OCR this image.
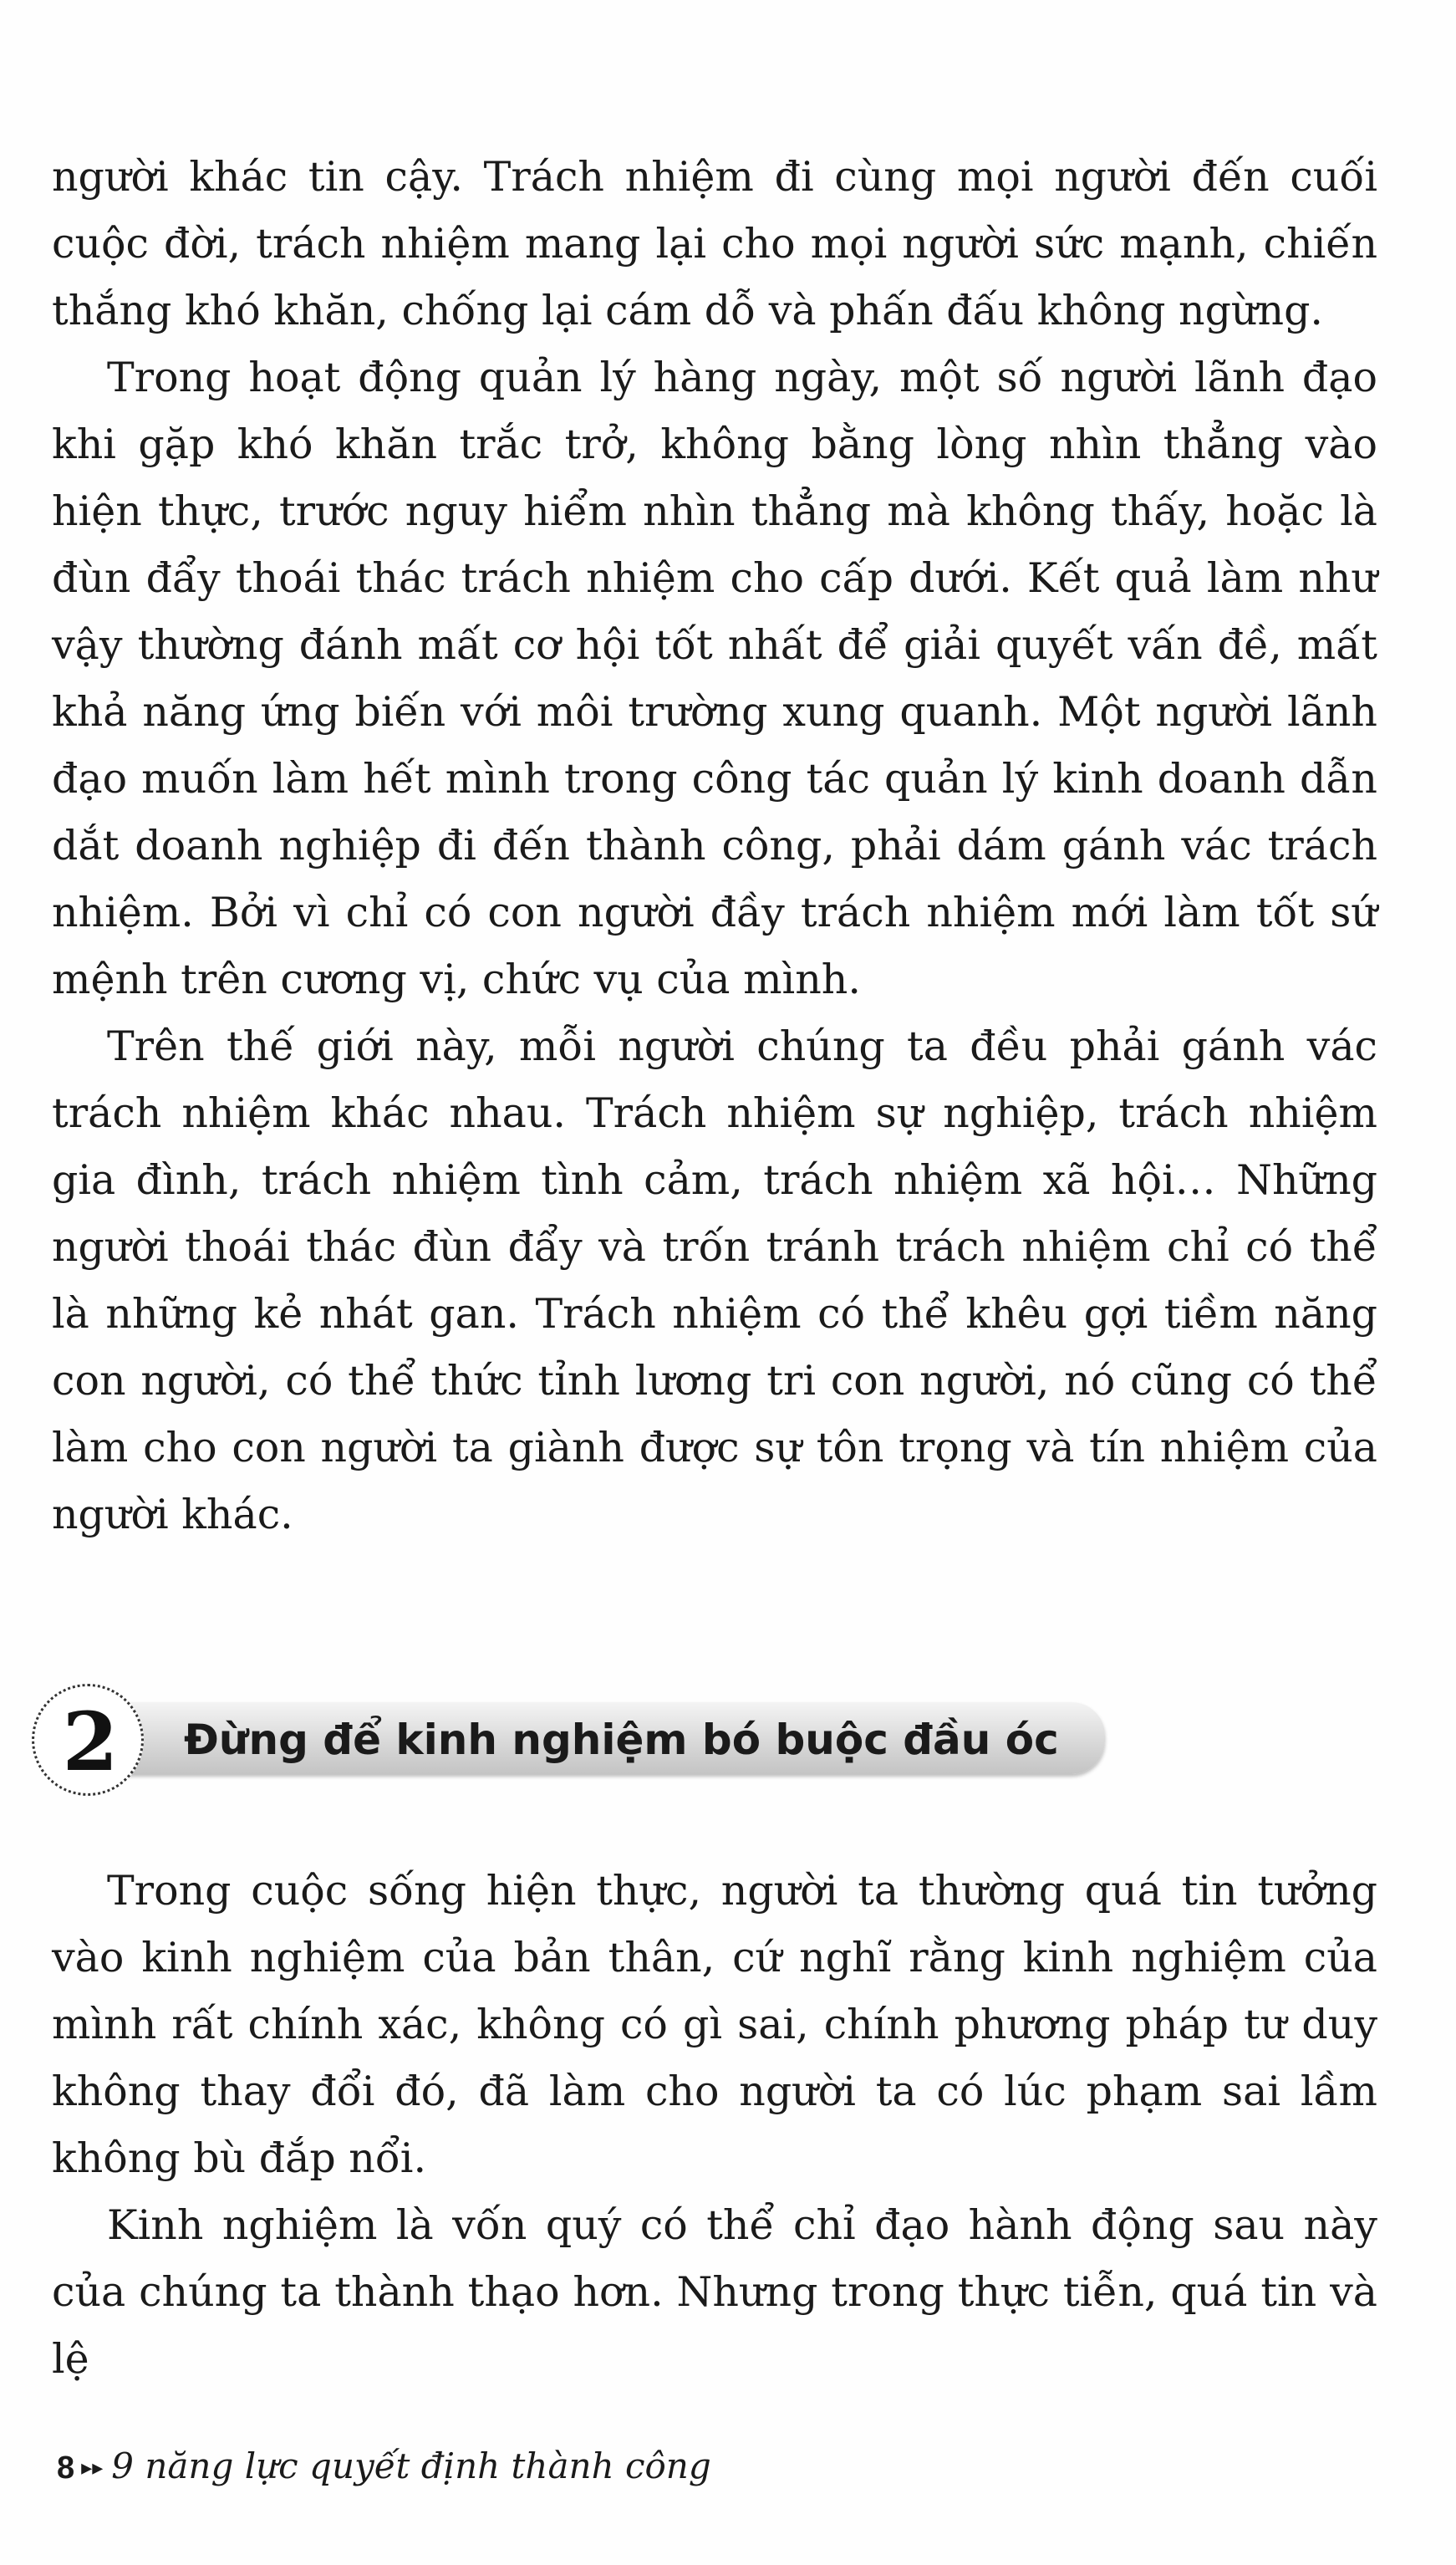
người khác tin cậy. Trách nhiệm đi cùng mọi người đến cuối cuộc đời, trách nhiệm mang lại cho mọi người sức mạnh, chiến thắng khó khăn, chống lại cám dỗ và phấn đấu không ngừng.

Trong hoạt động quản lý hàng ngày, một số người lãnh đạo khi gặp khó khăn trắc trở, không bằng lòng nhìn thẳng vào hiện thực, trước nguy hiểm nhìn thẳng mà không thấy, hoặc là đùn đẩy thoái thác trách nhiệm cho cấp dưới. Kết quả làm như vậy thường đánh mất cơ hội tốt nhất để giải quyết vấn đề, mất khả năng ứng biến với môi trường xung quanh. Một người lãnh đạo muốn làm hết mình trong công tác quản lý kinh doanh dẫn dắt doanh nghiệp đi đến thành công, phải dám gánh vác trách nhiệm. Bởi vì chỉ có con người đầy trách nhiệm mới làm tốt sứ mệnh trên cương vị, chức vụ của mình.

Trên thế giới này, mỗi người chúng ta đều phải gánh vác trách nhiệm khác nhau. Trách nhiệm sự nghiệp, trách nhiệm gia đình, trách nhiệm tình cảm, trách nhiệm xã hội… Những người thoái thác đùn đẩy và trốn tránh trách nhiệm chỉ có thể là những kẻ nhát gan. Trách nhiệm có thể khêu gợi tiềm năng con người, có thể thức tỉnh lương tri con người, nó cũng có thể làm cho con người ta giành được sự tôn trọng và tín nhiệm của người khác.

2	Đừng để kinh nghiệm bó buộc đầu óc

Trong cuộc sống hiện thực, người ta thường quá tin tưởng vào kinh nghiệm của bản thân, cứ nghĩ rằng kinh nghiệm của mình rất chính xác, không có gì sai, chính phương pháp tư duy không thay đổi đó, đã làm cho người ta có lúc phạm sai lầm không bù đắp nổi.

Kinh nghiệm là vốn quý có thể chỉ đạo hành động sau này của chúng ta thành thạo hơn. Nhưng trong thực tiễn, quá tin và lệ

8 ▸▸ 9 năng lực quyết định thành công
